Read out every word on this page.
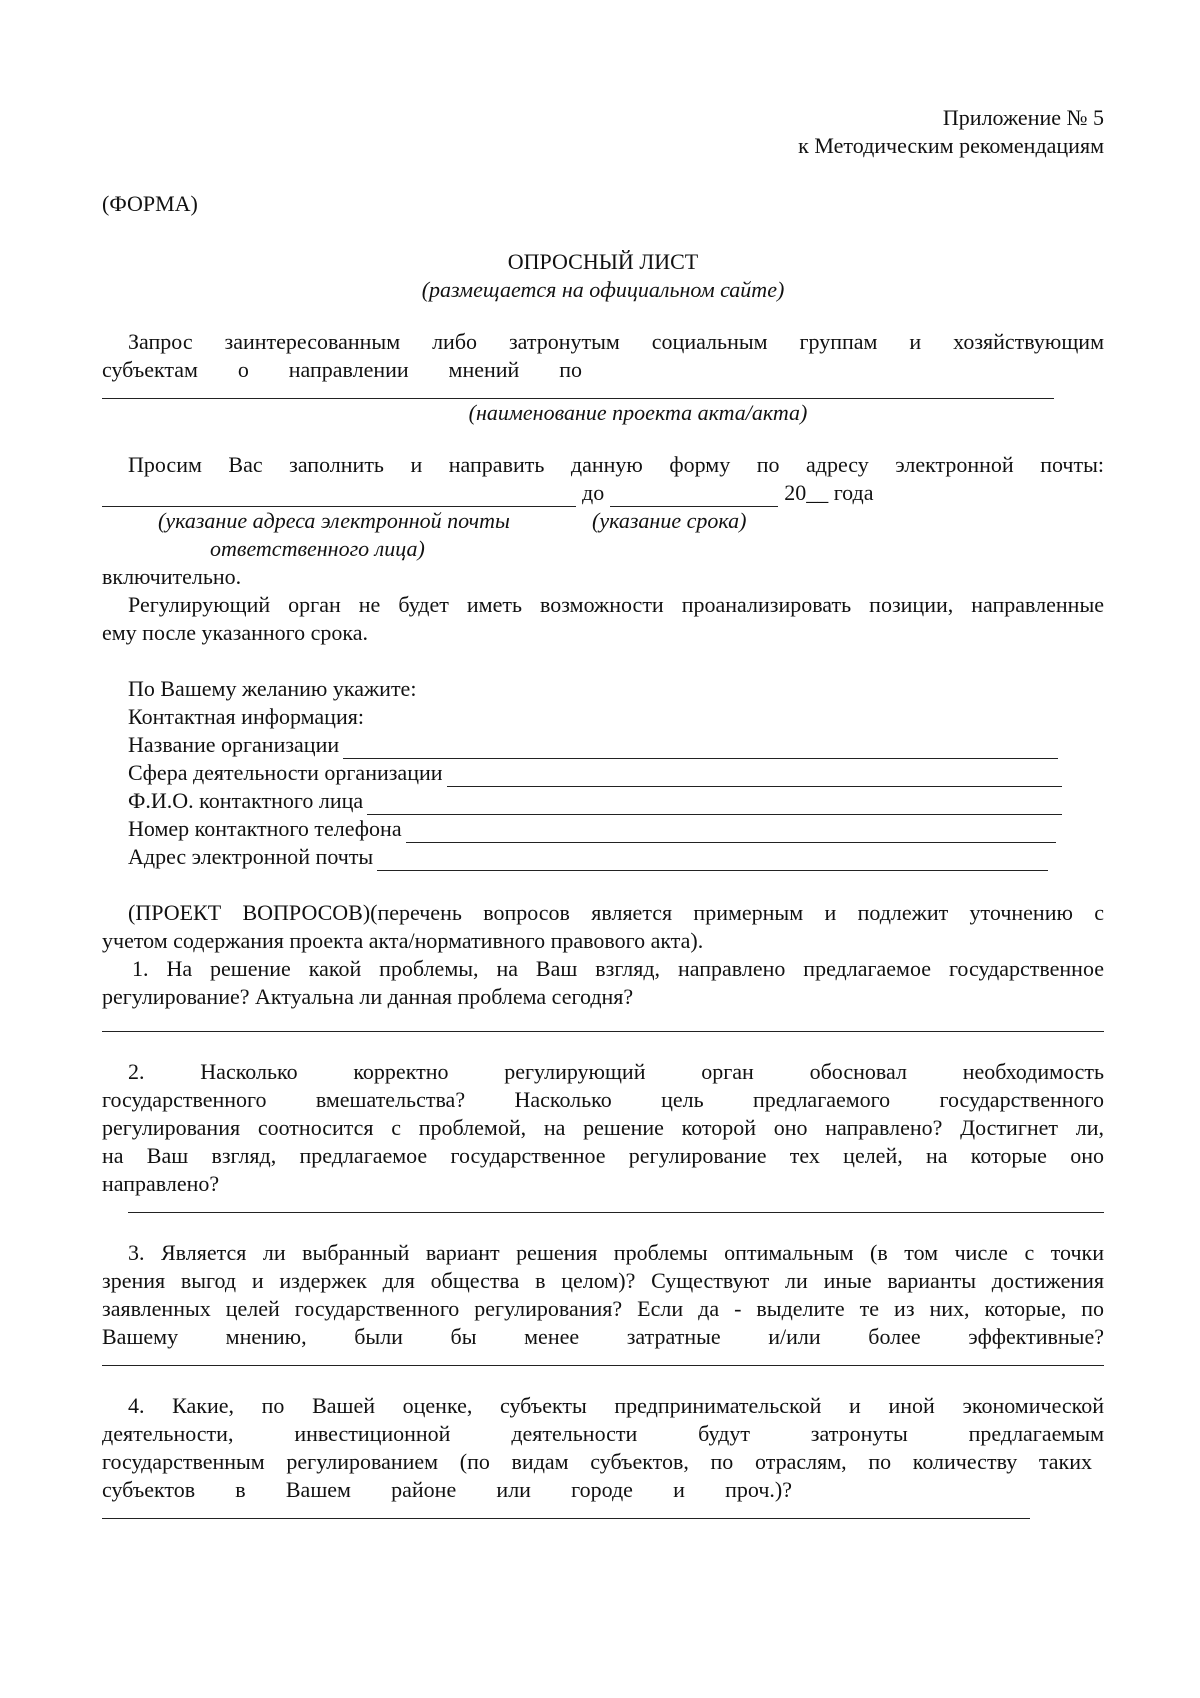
Приложение № 5
к Методическим рекомендациям
(ФОРМА)
ОПРОСНЫЙ ЛИСТ
(размещается на официальном сайте)
Запрос заинтересованным либо затронутым социальным группам и хозяйствующим
субъектам о направлении мнений по
(наименование проекта акта/акта)
Просим Вас заполнить и направить данную форму по адресу электронной почты:
до	20__ года
(указание адреса электронной почты
ответственного лица)
(указание срока)
включительно.
Регулирующий орган не будет иметь возможности проанализировать позиции, направленные
ему после указанного срока.
По Вашему желанию укажите:
Контактная информация:
Название организации
Сфера деятельности организации
Ф.И.О. контактного лица
Номер контактного телефона
Адрес электронной почты
(ПРОЕКТ ВОПРОСОВ)(перечень вопросов является примерным и подлежит уточнению с
учетом содержания проекта акта/нормативного правового акта).
1. На решение какой проблемы, на Ваш взгляд, направлено предлагаемое государственное
регулирование? Актуальна ли данная проблема сегодня?
2. Насколько корректно регулирующий орган обосновал необходимость
государственного вмешательства? Насколько цель предлагаемого государственного
регулирования соотносится с проблемой, на решение которой оно направлено? Достигнет ли,
на Ваш взгляд, предлагаемое государственное регулирование тех целей, на которые оно
направлено?
3. Является ли выбранный вариант решения проблемы оптимальным (в том числе с точки
зрения выгод и издержек для общества в целом)? Существуют ли иные варианты достижения
заявленных целей государственного регулирования? Если да - выделите те из них, которые, по
Вашему мнению, были бы менее затратные и/или более эффективные?
4. Какие, по Вашей оценке, субъекты предпринимательской и иной экономической
деятельности, инвестиционной деятельности будут затронуты предлагаемым
государственным регулированием (по видам субъектов, по отраслям, по количеству таких
субъектов в Вашем районе или городе и проч.)?
